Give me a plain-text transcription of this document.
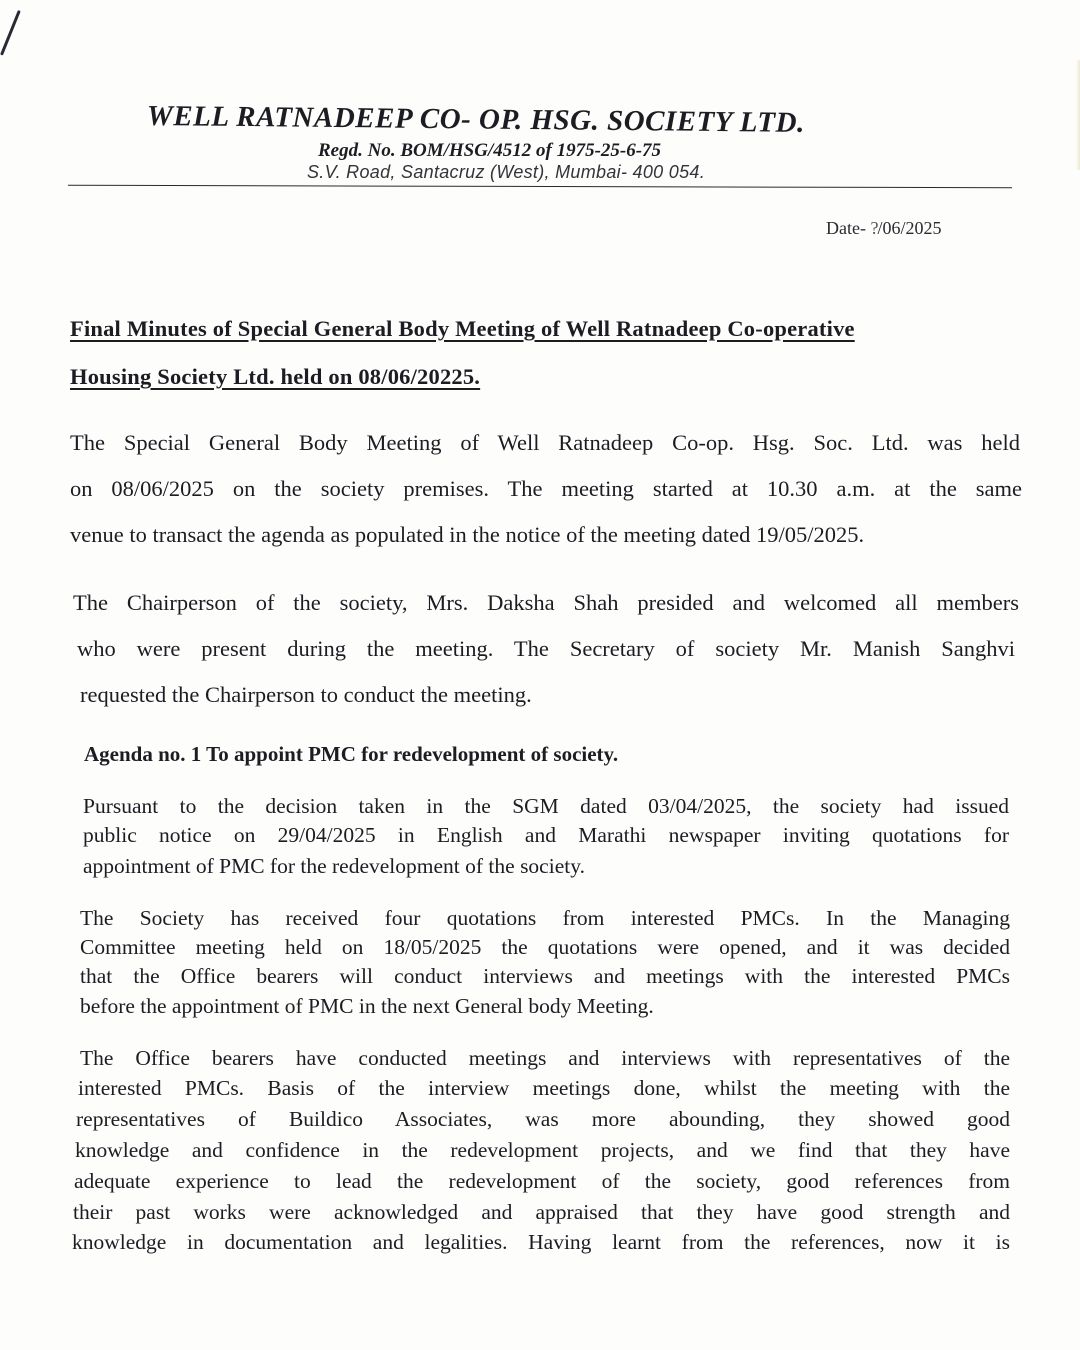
WELL RATNADEEP CO- OP. HSG. SOCIETY LTD.
Regd. No. BOM/HSG/4512 of 1975-25-6-75
S.V. Road, Santacruz (West), Mumbai- 400 054.
Date- ?/06/2025
Final Minutes of Special General Body Meeting of Well Ratnadeep Co-operative
Housing Society Ltd. held on 08/06/20225.
The Special General Body Meeting of Well Ratnadeep Co-op. Hsg. Soc. Ltd. was held
on 08/06/2025 on the society premises. The meeting started at 10.30 a.m. at the same
venue to transact the agenda as populated in the notice of the meeting dated 19/05/2025.
The Chairperson of the society, Mrs. Daksha Shah presided and welcomed all members
who were present during the meeting. The Secretary of society Mr. Manish Sanghvi
requested the Chairperson to conduct the meeting.
Agenda no. 1 To appoint PMC for redevelopment of society.
Pursuant to the decision taken in the SGM dated 03/04/2025, the society had issued
public notice on 29/04/2025 in English and Marathi newspaper inviting quotations for
appointment of PMC for the redevelopment of the society.
The Society has received four quotations from interested PMCs. In the Managing
Committee meeting held on 18/05/2025 the quotations were opened, and it was decided
that the Office bearers will conduct interviews and meetings with the interested PMCs
before the appointment of PMC in the next General body Meeting.
The Office bearers have conducted meetings and interviews with representatives of the
interested PMCs. Basis of the interview meetings done, whilst the meeting with the
representatives of Buildico Associates, was more abounding, they showed good
knowledge and confidence in the redevelopment projects, and we find that they have
adequate experience to lead the redevelopment of the society, good references from
their past works were acknowledged and appraised that they have good strength and
knowledge in documentation and legalities. Having learnt from the references, now it is
